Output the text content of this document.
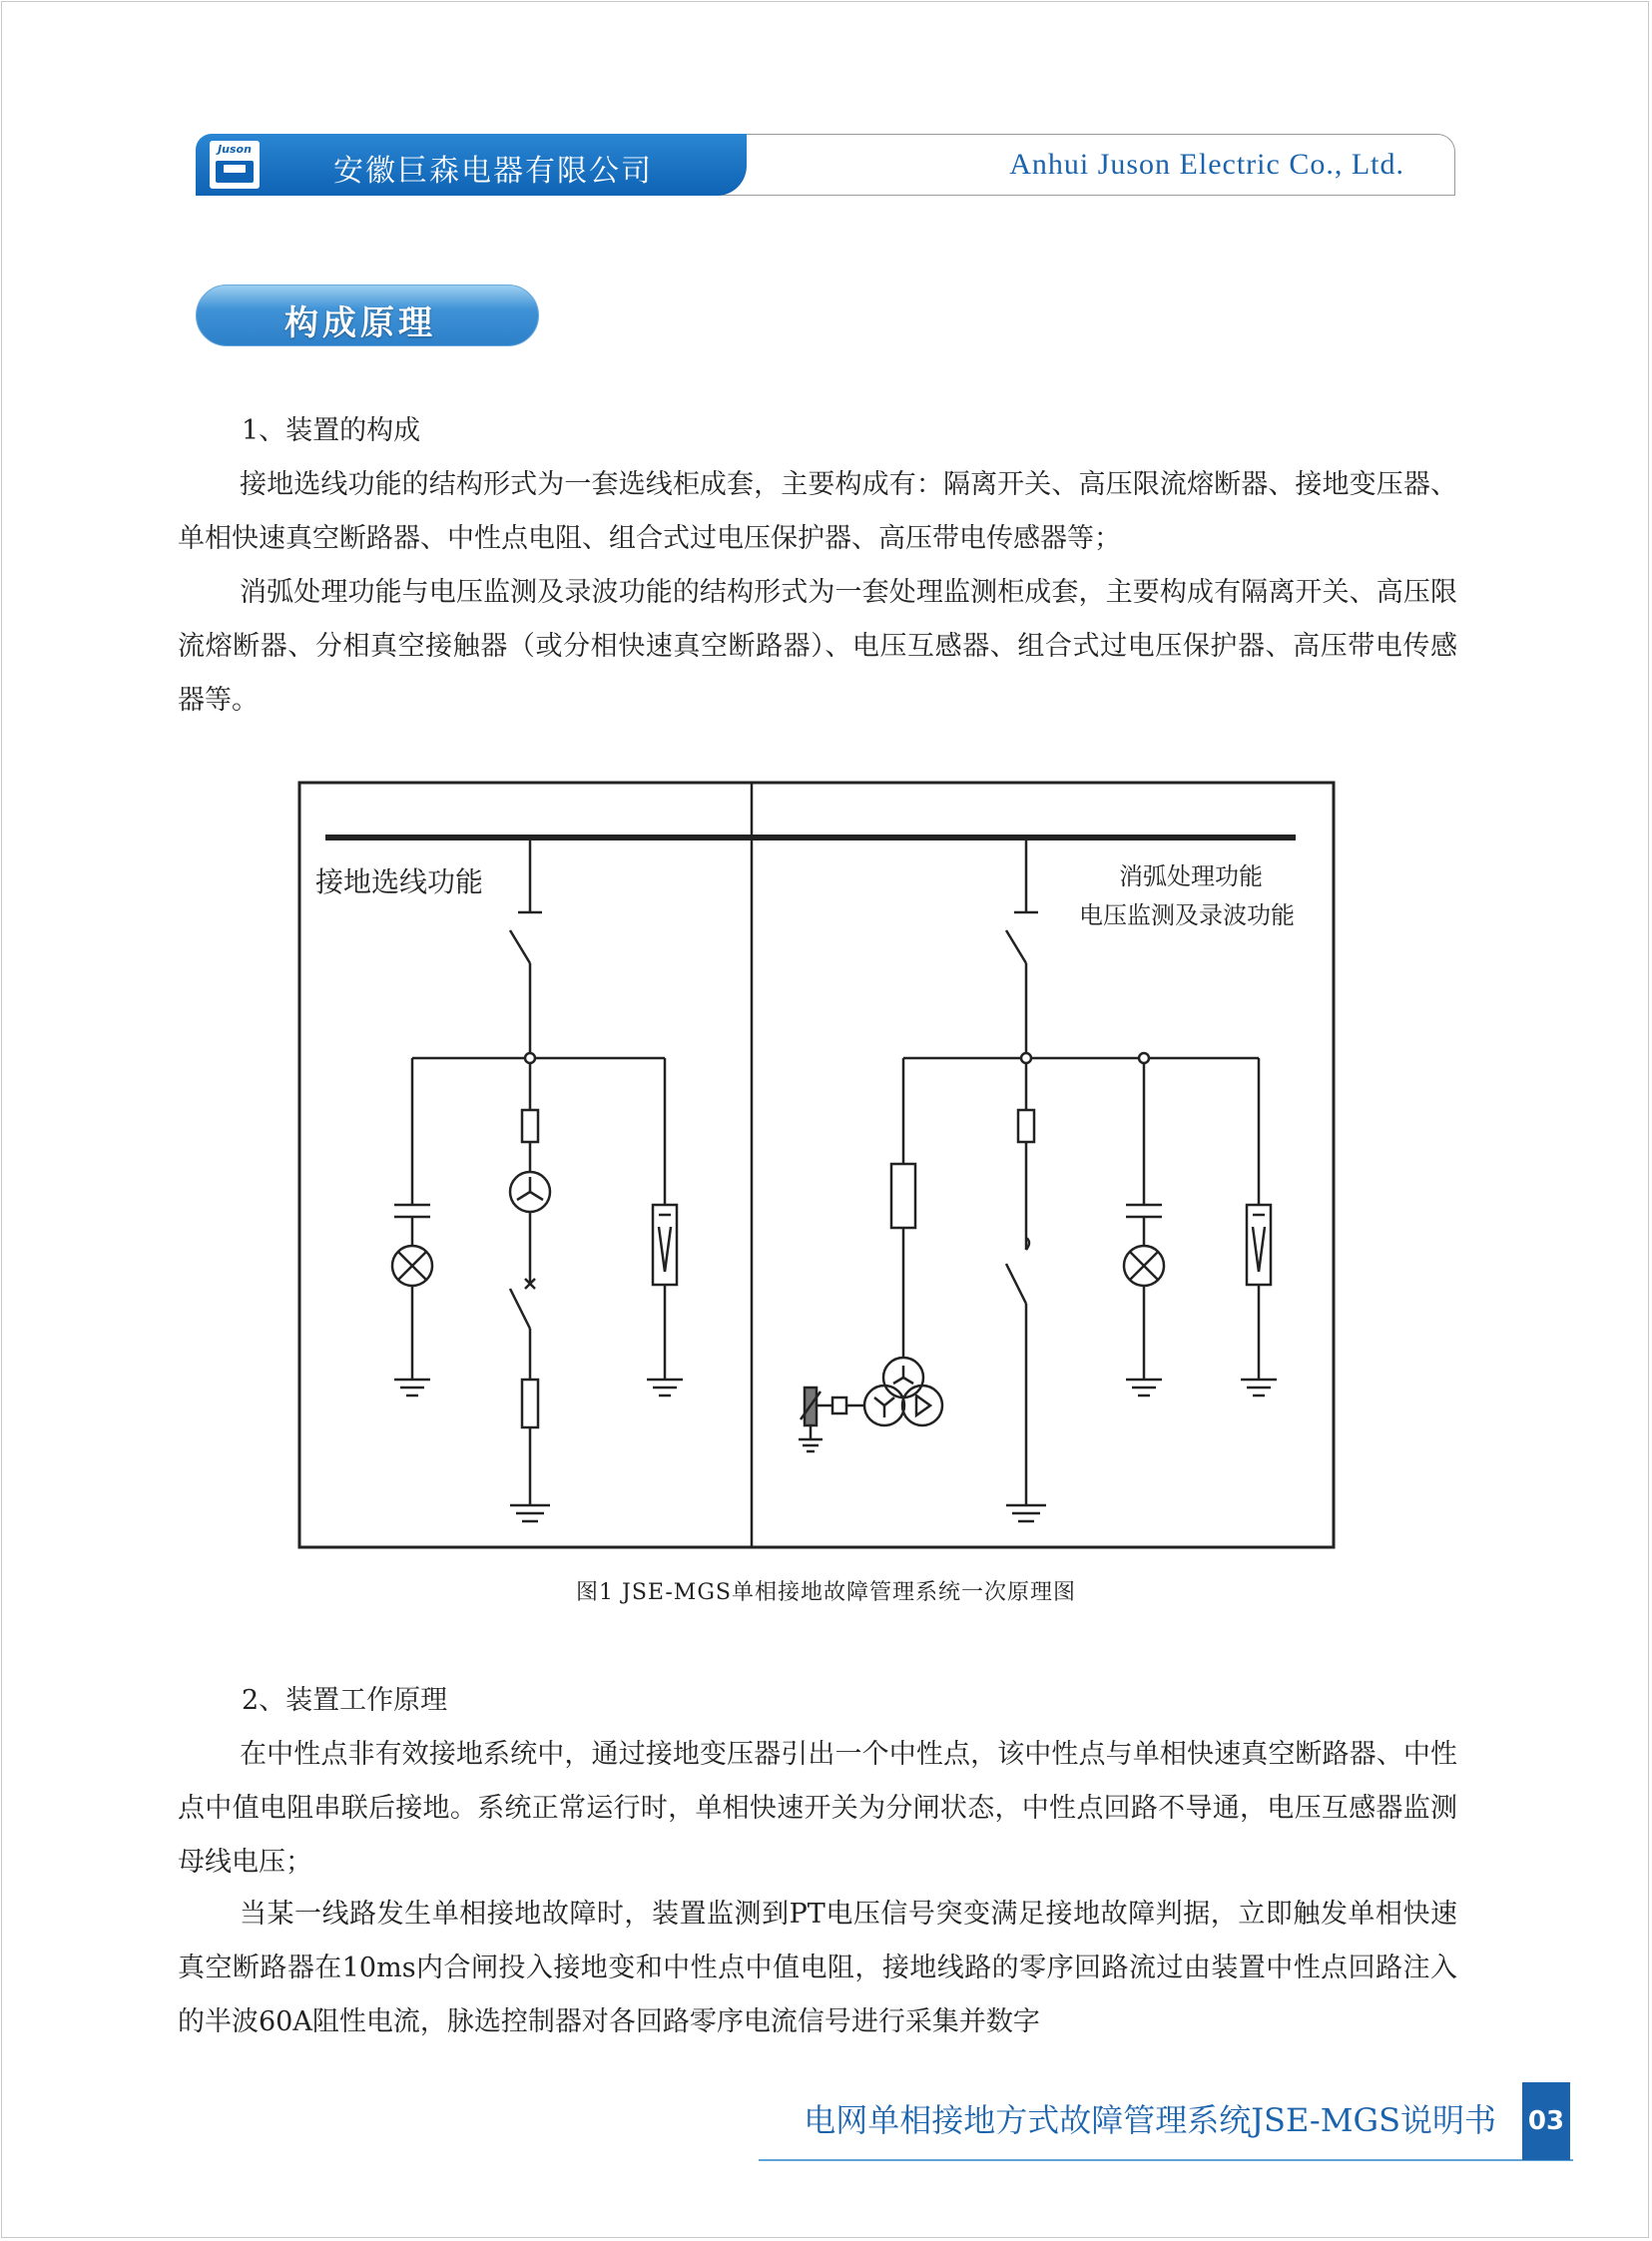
Anhui Juson Electric Co., Ltd.
Juson
安徽巨森电器有限公司
构成原理

1、装置的构成

接地选线功能的结构形式为一套选线柜成套，主要构成有：隔离开关、高压限流熔断器、接地变压器、单相快速真空断路器、中性点电阻、组合式过电压保护器、高压带电传感器等；

消弧处理功能与电压监测及录波功能的结构形式为一套处理监测柜成套，主要构成有隔离开关、高压限流熔断器、分相真空接触器（或分相快速真空断路器）、电压互感器、组合式过电压保护器、高压带电传感器等。

接地选线功能	消弧处理功能
电压监测及录波功能
图1 JSE-MGS单相接地故障管理系统一次原理图

2、装置工作原理

在中性点非有效接地系统中，通过接地变压器引出一个中性点，该中性点与单相快速真空断路器、中性点中值电阻串联后接地。系统正常运行时，单相快速开关为分闸状态，中性点回路不导通，电压互感器监测母线电压；

当某一线路发生单相接地故障时，装置监测到PT电压信号突变满足接地故障判据，立即触发单相快速真空断路器在10ms内合闸投入接地变和中性点中值电阻，接地线路的零序回路流过由装置中性点回路注入的半波60A阻性电流，脉选控制器对各回路零序电流信号进行采集并数字

电网单相接地方式故障管理系统JSE-MGS说明书 03
